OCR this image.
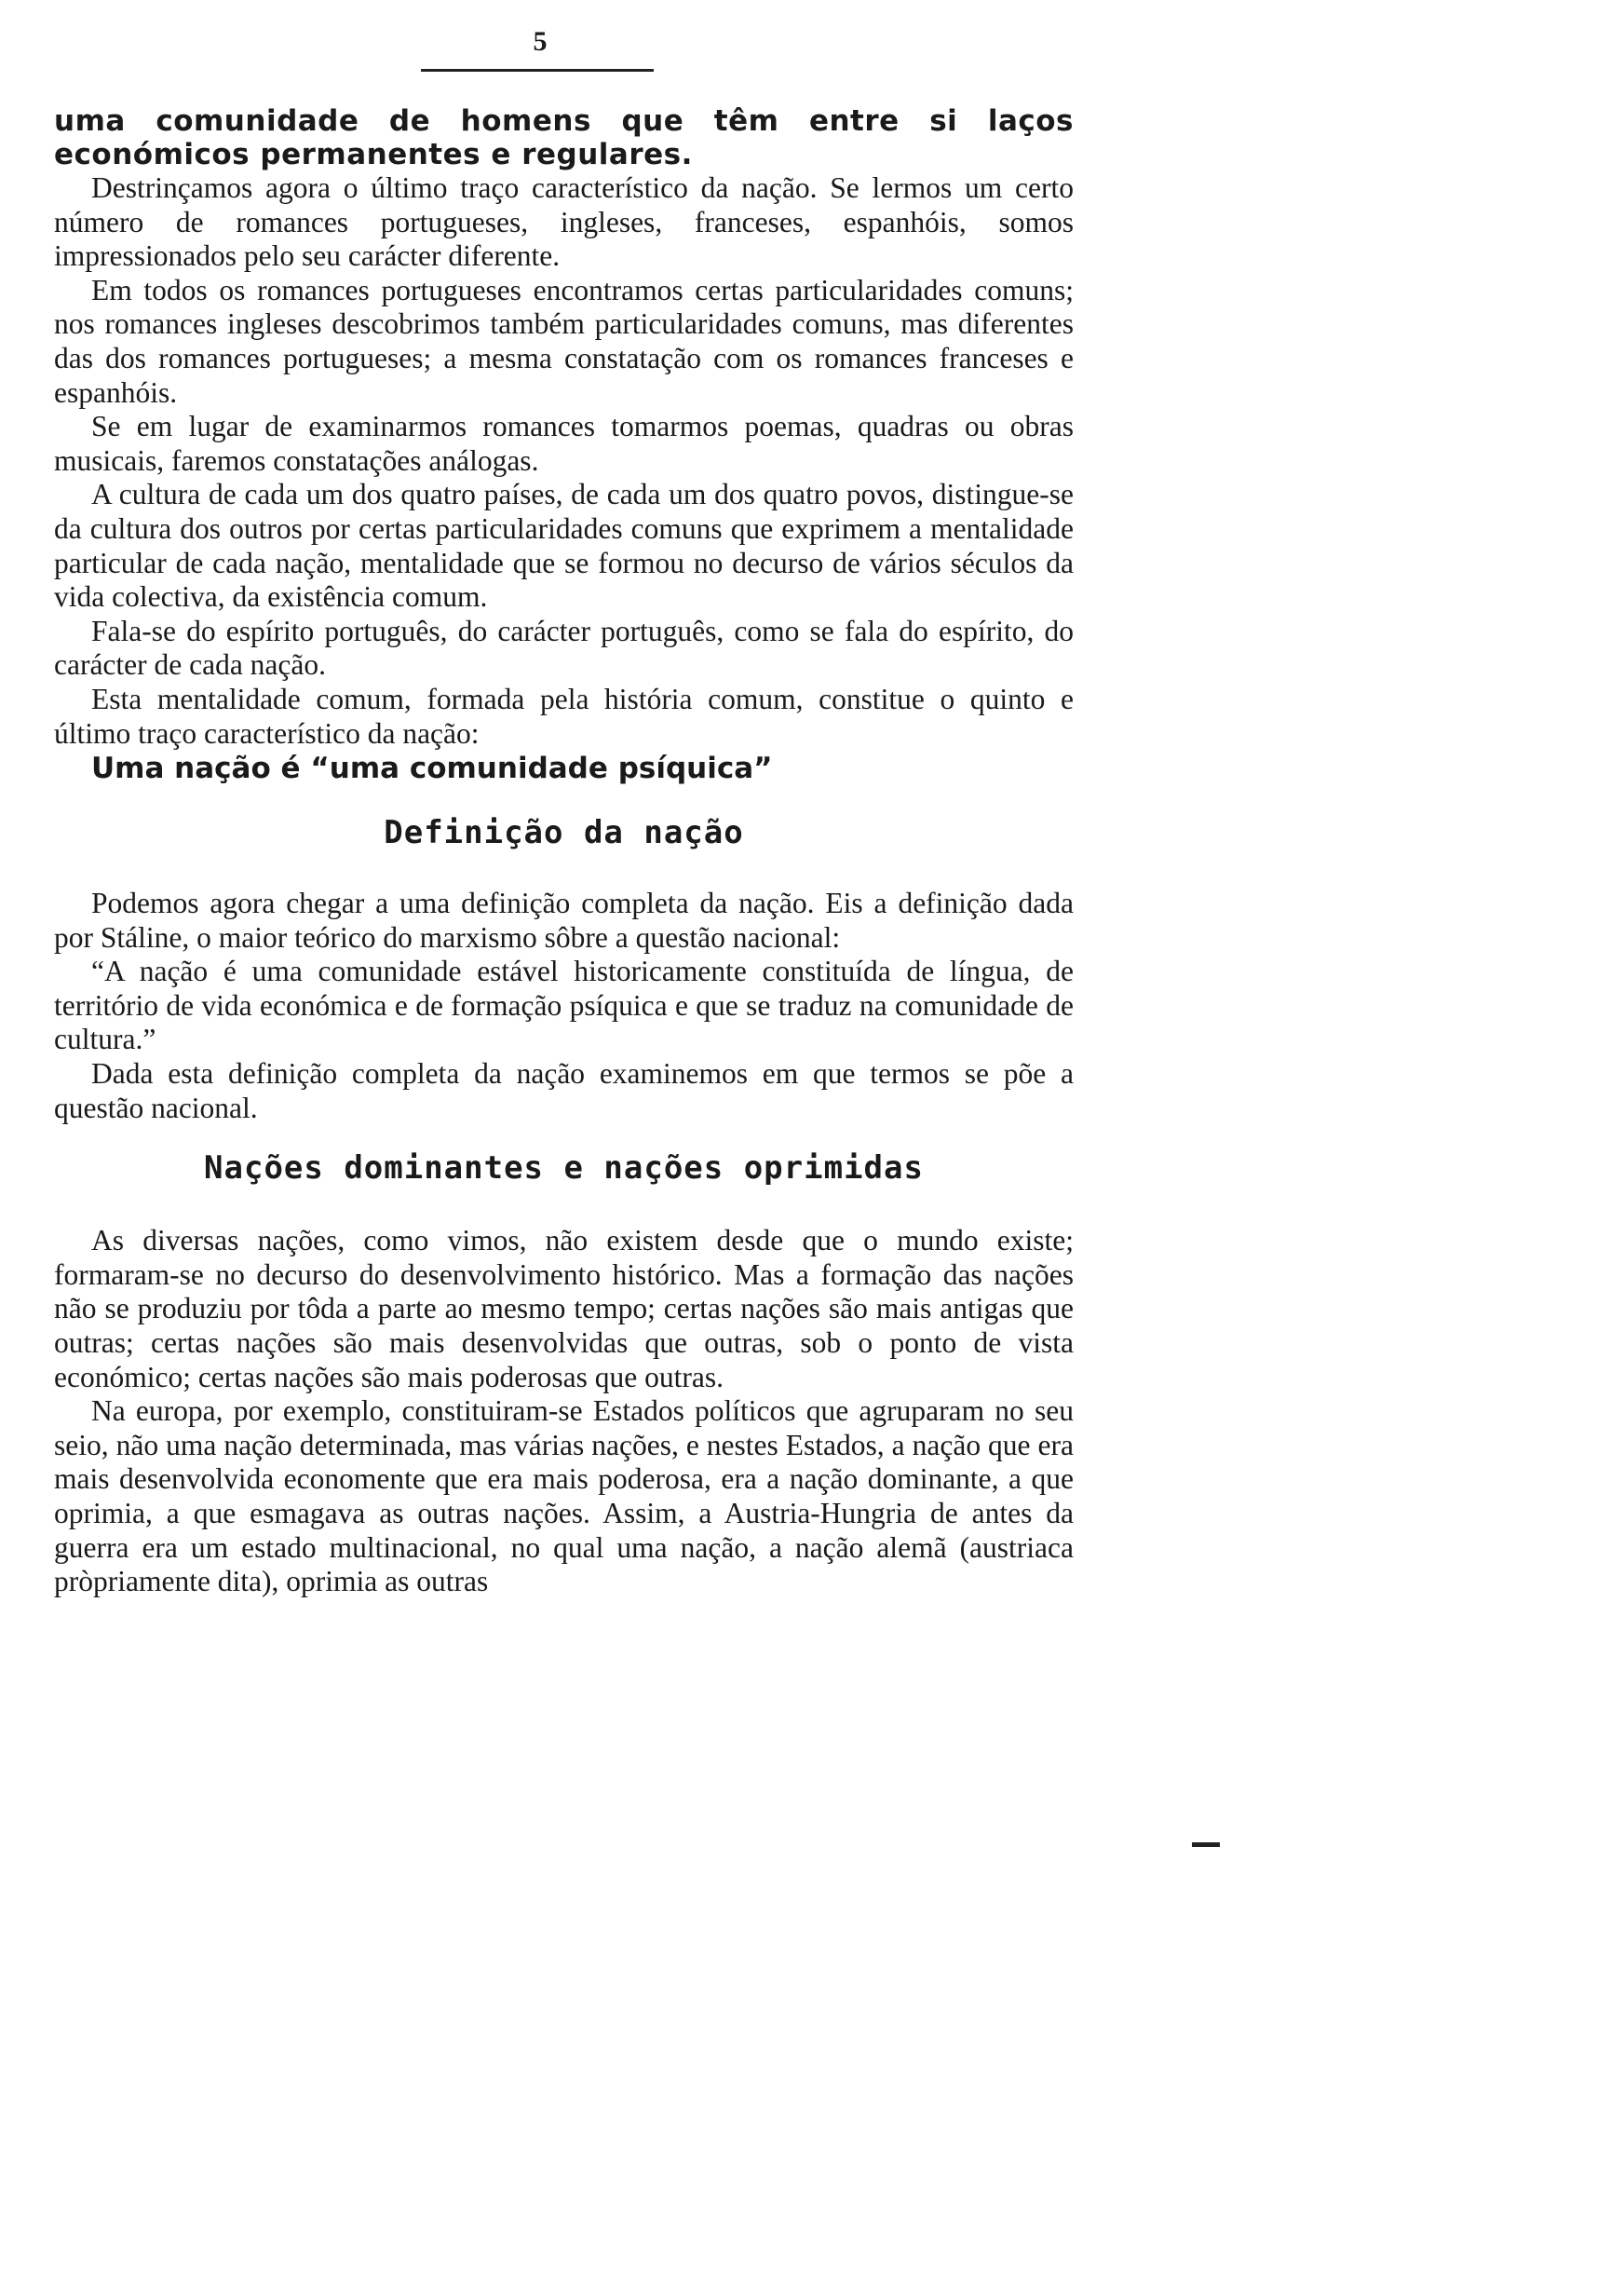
5
uma comunidade de homens que têm entre si laços económicos permanentes e regulares.

Destrinçamos agora o último traço característico da nação. Se lermos um certo número de romances portugueses, ingleses, franceses, espanhóis, somos impressionados pelo seu carácter diferente.

Em todos os romances portugueses encontramos certas particularidades comuns; nos romances ingleses descobrimos também particularidades comuns, mas diferentes das dos romances portugueses; a mesma constatação com os romances franceses e espanhóis.

Se em lugar de examinarmos romances tomarmos poemas, quadras ou obras musicais, faremos constatações análogas.

A cultura de cada um dos quatro países, de cada um dos quatro povos, distingue-se da cultura dos outros por certas particularidades comuns que exprimem a mentalidade particular de cada nação, mentalidade que se formou no decurso de vários séculos da vida colectiva, da existência comum.

Fala-se do espírito português, do carácter português, como se fala do espírito, do carácter de cada nação.

Esta mentalidade comum, formada pela história comum, constitue o quinto e último traço característico da nação:

Uma nação é “uma comunidade psíquica”

Definição da nação

Podemos agora chegar a uma definição completa da nação. Eis a definição dada por Stáline, o maior teórico do marxismo sôbre a questão nacional:

“A nação é uma comunidade estável historicamente constituída de língua, de território de vida económica e de formação psíquica e que se traduz na comunidade de cultura.”

Dada esta definição completa da nação examinemos em que termos se põe a questão nacional.

Nações dominantes e nações oprimidas

As diversas nações, como vimos, não existem desde que o mundo existe; formaram-se no decurso do desenvolvimento histórico. Mas a formação das nações não se produziu por tôda a parte ao mesmo tempo; certas nações são mais antigas que outras; certas nações são mais desenvolvidas que outras, sob o ponto de vista económico; certas nações são mais poderosas que outras.

Na europa, por exemplo, constituiram-se Estados políticos que agruparam no seu seio, não uma nação determinada, mas várias nações, e nestes Estados, a nação que era mais desenvolvida economente que era mais poderosa, era a nação dominante, a que oprimia, a que esmagava as outras nações. Assim, a Austria-Hungria de antes da guerra era um estado multinacional, no qual uma nação, a nação alemã (austriaca pròpriamente dita), oprimia as outras
